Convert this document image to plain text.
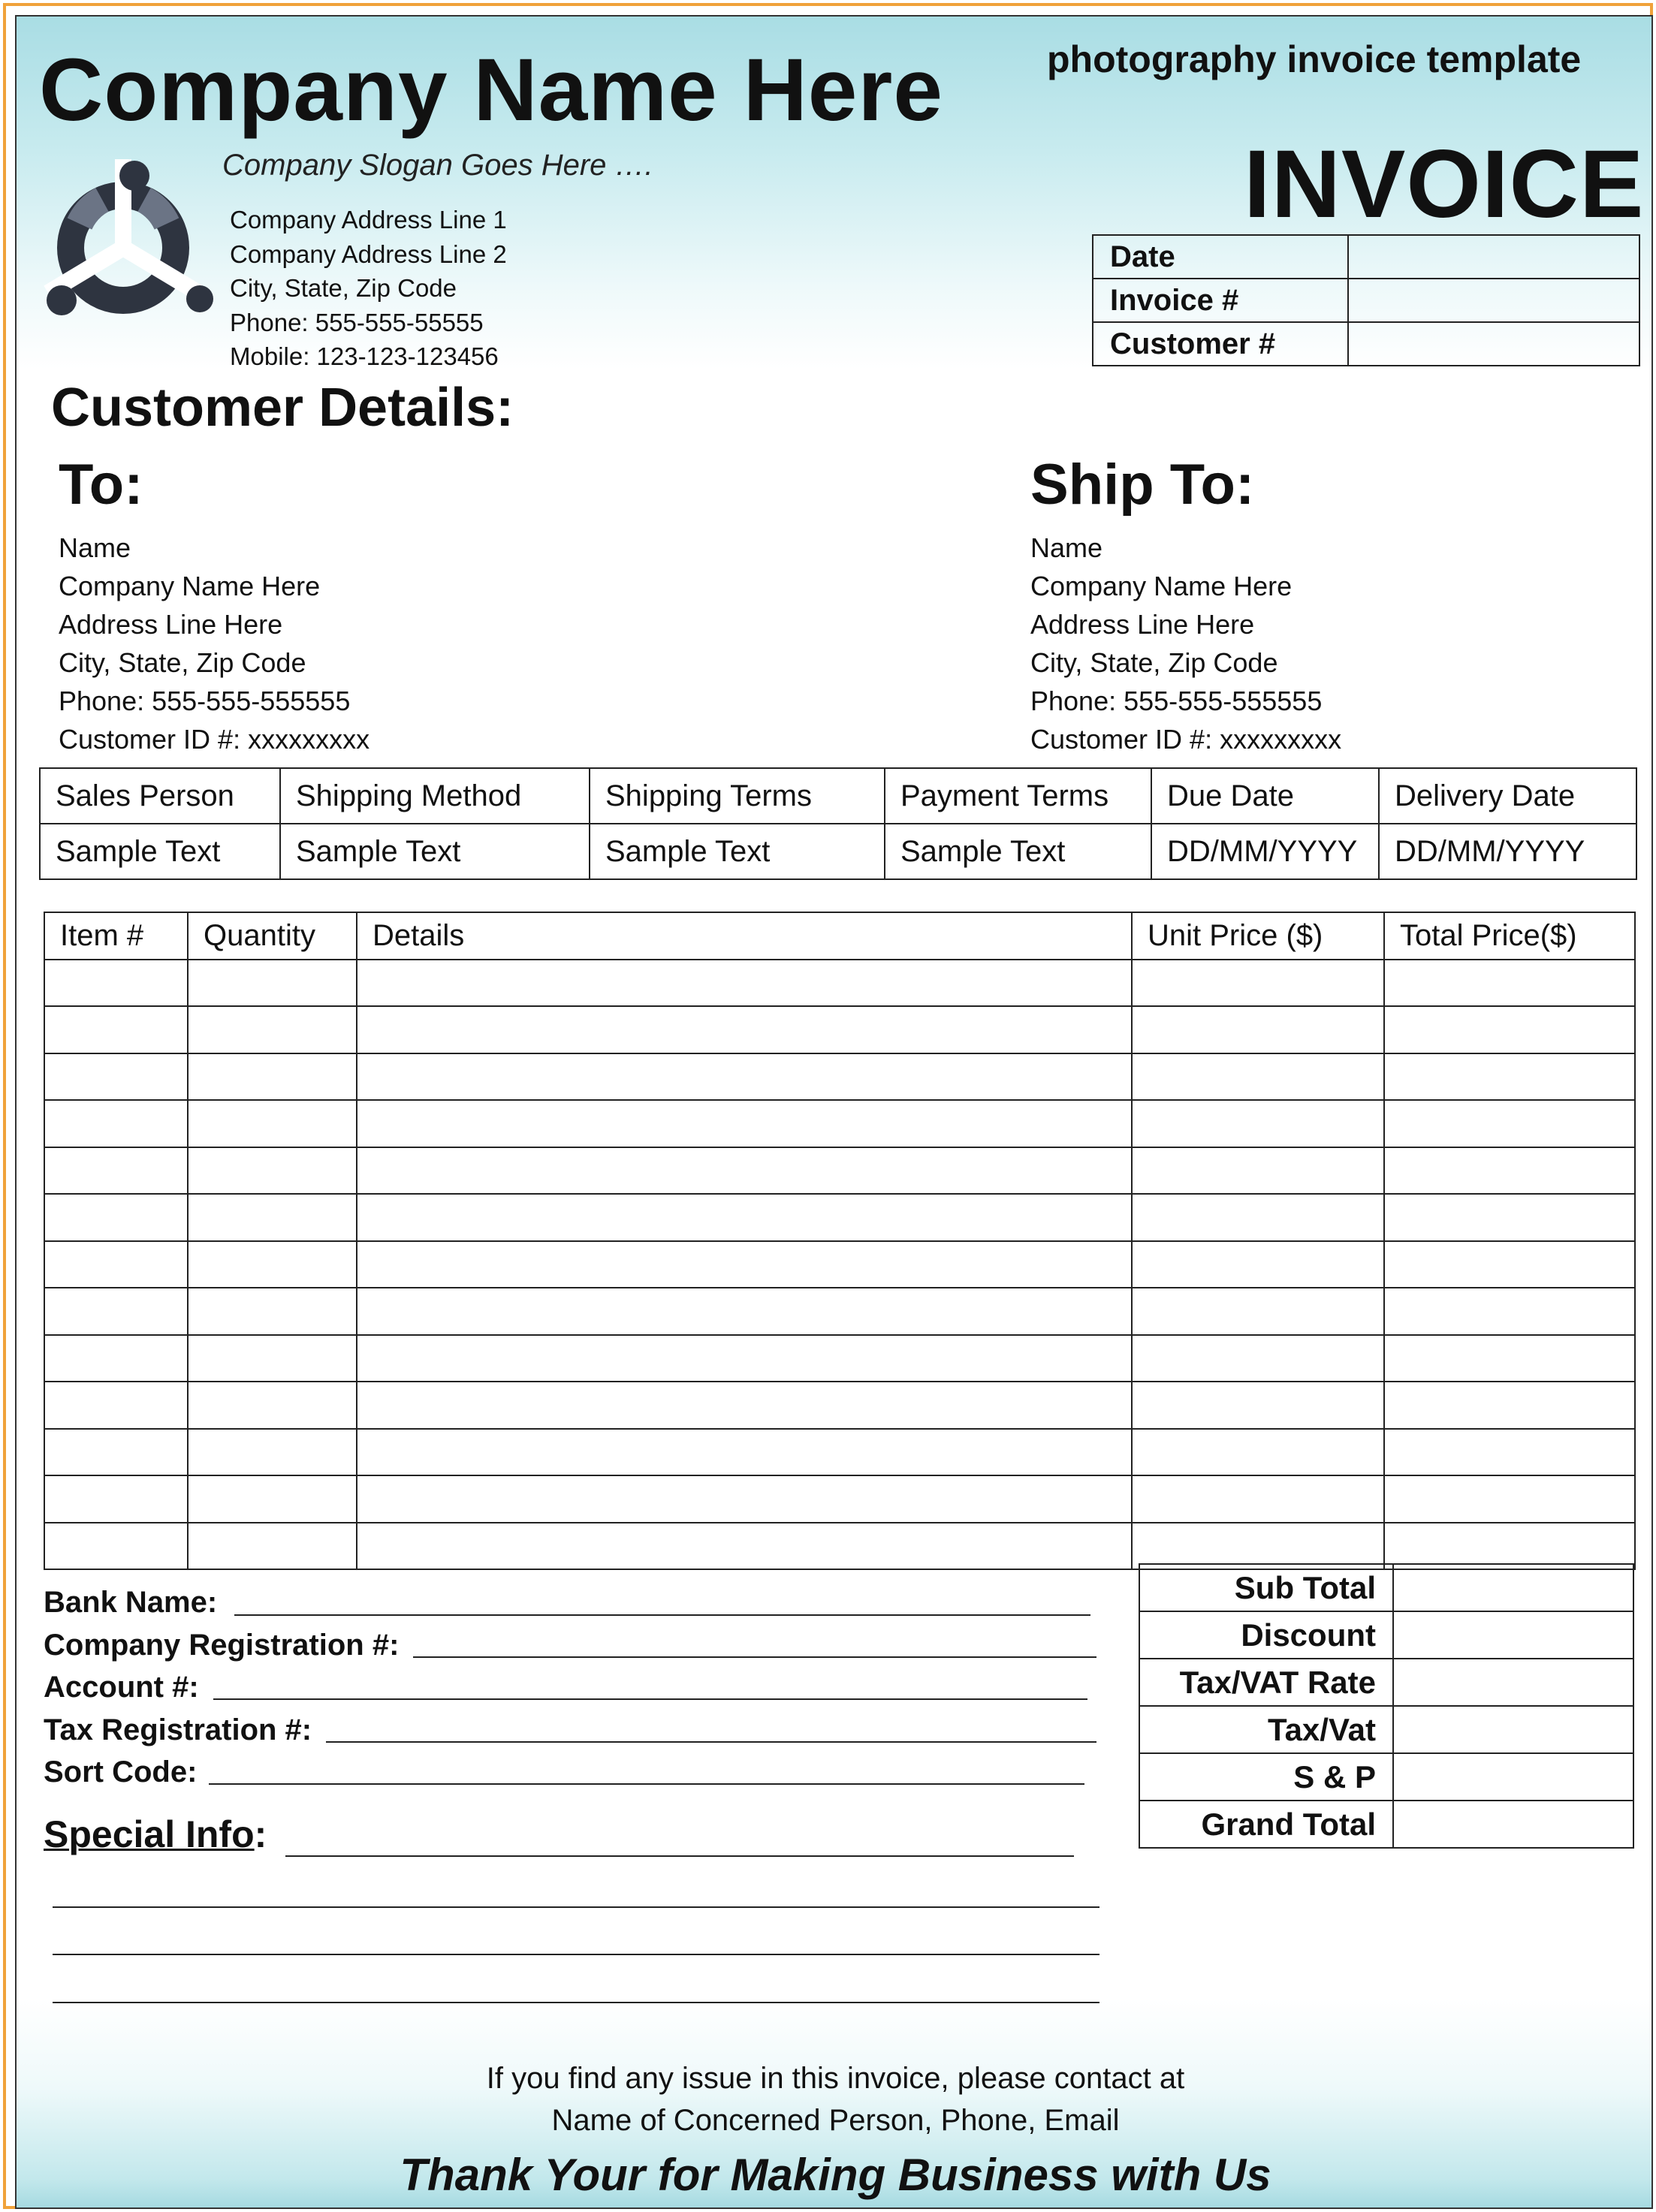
Company Name Here	photography invoice template
Company Slogan Goes Here ….	INVOICE
Company Address Line 1
Company Address Line 2
City, State, Zip Code
Phone: 555-555-55555
Mobile: 123-123-123456
Date	
Invoice #	
Customer #	
Customer Details:
To:	Ship To:
Name
Company Name Here
Address Line Here
City, State, Zip Code
Phone: 555-555-555555
Customer ID #: xxxxxxxxx
Name
Company Name Here
Address Line Here
City, State, Zip Code
Phone: 555-555-555555
Customer ID #: xxxxxxxxx
Sales Person	Shipping Method	Shipping Terms	Payment Terms	Due Date	Delivery Date
Sample Text	Sample Text	Sample Text	Sample Text	DD/MM/YYYY	DD/MM/YYYY
Item #	Quantity	Details	Unit Price ($)	Total Price($)

Bank Name:
Company Registration #:
Account #:
Tax Registration #:
Sort Code:
Special Info:
Sub Total	
Discount	
Tax/VAT Rate	
Tax/Vat	
S & P	
Grand Total	
If you find any issue in this invoice, please contact at
Name of Concerned Person, Phone, Email
Thank Your for Making Business with Us
